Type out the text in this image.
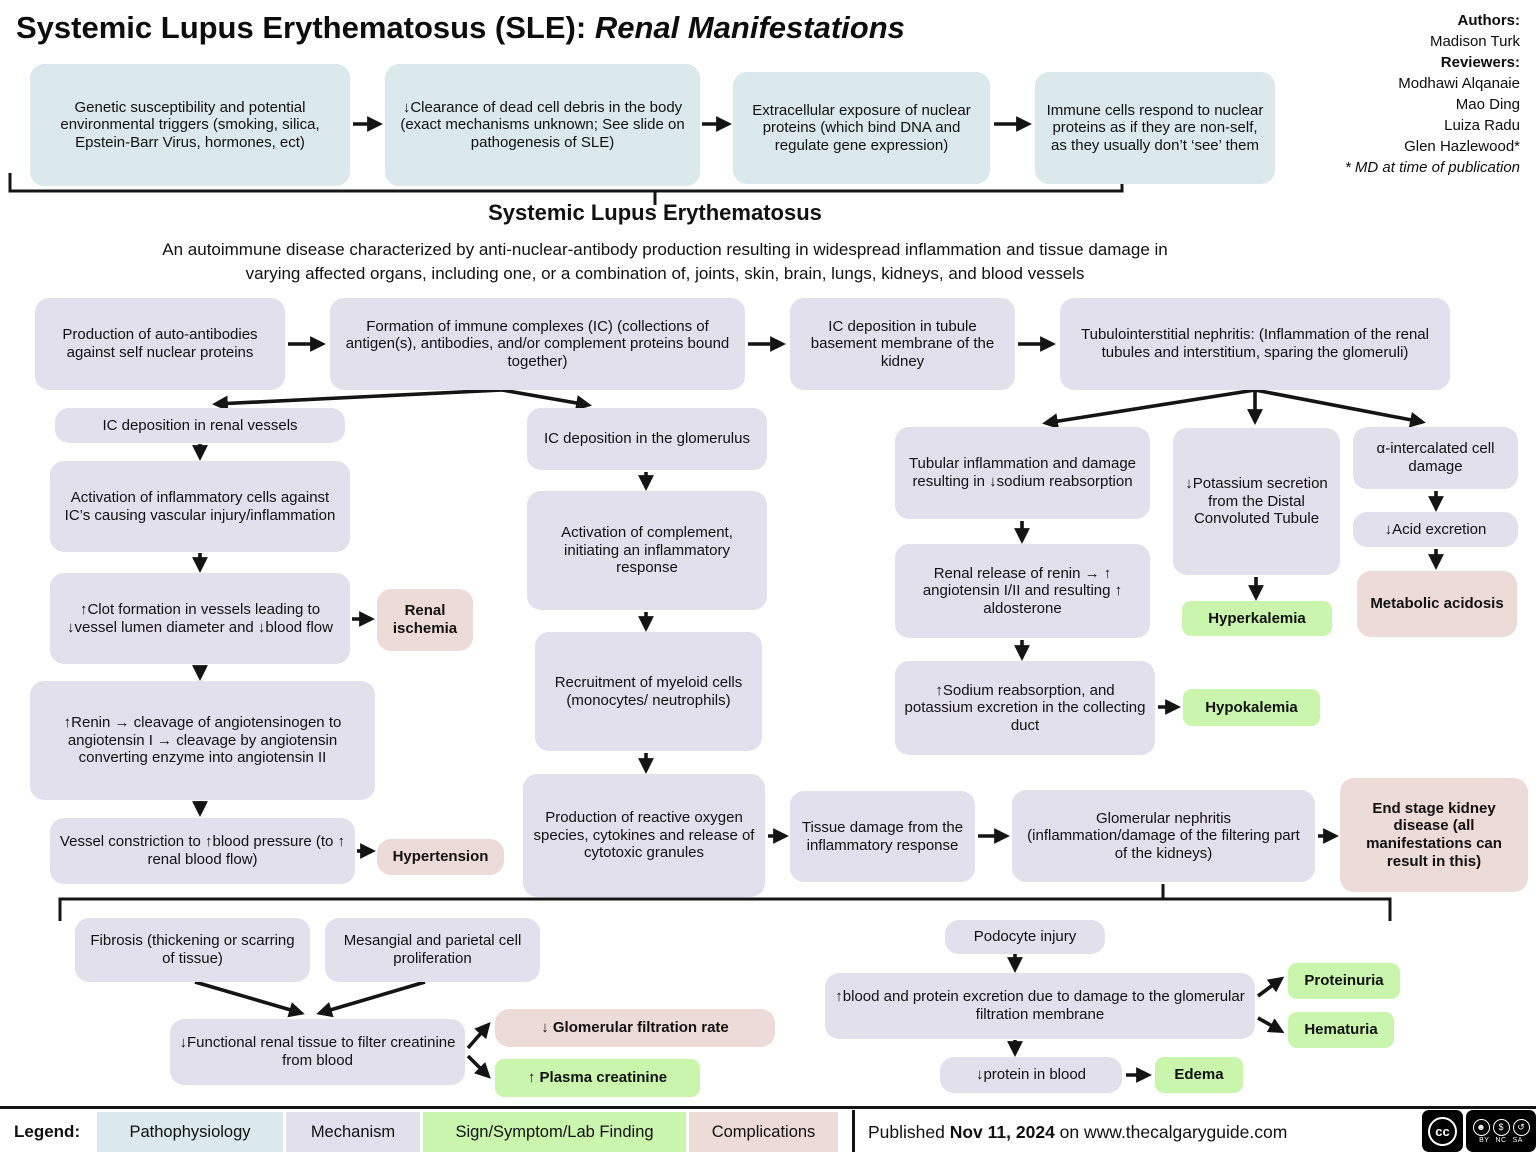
Systemic Lupus Erythematosus (SLE): Renal Manifestations	Authors:
Madison Turk
Reviewers:
Modhawi Alqanaie
Mao Ding
Luiza Radu
Glen Hazlewood*
* MD at time of publication
Genetic susceptibility and potential environmental triggers (smoking, silica, Epstein-Barr Virus, hormones, ect)
↓Clearance of dead cell debris in the body (exact mechanisms unknown; See slide on pathogenesis of SLE)
Extracellular exposure of nuclear proteins (which bind DNA and regulate gene expression)
Immune cells respond to nuclear proteins as if they are non-self, as they usually don’t ‘see’ them
Systemic Lupus Erythematosus
An autoimmune disease characterized by anti-nuclear-antibody production resulting in widespread inflammation and tissue damage in
varying affected organs, including one, or a combination of, joints, skin, brain, lungs, kidneys, and blood vessels
Production of auto-antibodies against self nuclear proteins
Formation of immune complexes (IC) (collections of antigen(s), antibodies, and/or complement proteins bound together)
IC deposition in tubule basement membrane of the kidney
Tubulointerstitial nephritis: (Inflammation of the renal tubules and interstitium, sparing the glomeruli)
IC deposition in renal vessels
Activation of inflammatory cells against IC’s causing vascular injury/inflammation
↑Clot formation in vessels leading to ↓vessel lumen diameter and ↓blood flow
Renal ischemia
↑Renin → cleavage of angiotensinogen to angiotensin I → cleavage by angiotensin converting enzyme into angiotensin II
Vessel constriction to ↑blood pressure (to ↑ renal blood flow)	Hypertension
IC deposition in the glomerulus
Activation of complement, initiating an inflammatory response
Recruitment of myeloid cells (monocytes/ neutrophils)
Production of reactive oxygen species, cytokines and release of cytotoxic granules
Tissue damage from the inflammatory response
Glomerular nephritis (inflammation/damage of the filtering part of the kidneys)
End stage kidney disease (all manifestations can result in this)
Tubular inflammation and damage resulting in ↓sodium reabsorption
Renal release of renin → ↑ angiotensin I/II and resulting ↑ aldosterone
↑Sodium reabsorption, and potassium excretion in the collecting duct
Hypokalemia
↓Potassium secretion from the Distal Convoluted Tubule
Hyperkalemia
α-intercalated cell damage
↓Acid excretion
Metabolic acidosis
Fibrosis (thickening or scarring of tissue)
Mesangial and parietal cell proliferation
↓Functional renal tissue to filter creatinine from blood
↓ Glomerular filtration rate
↑ Plasma creatinine
Podocyte injury
↑blood and protein excretion due to damage to the glomerular filtration membrane
Proteinuria
Hematuria
↓protein in blood	Edema
Legend:	Pathophysiology	Mechanism	Sign/Symptom/Lab Finding	Complications	Published Nov 11, 2024 on www.thecalgaryguide.com	cc	☻	$	↺
BY NC SA
